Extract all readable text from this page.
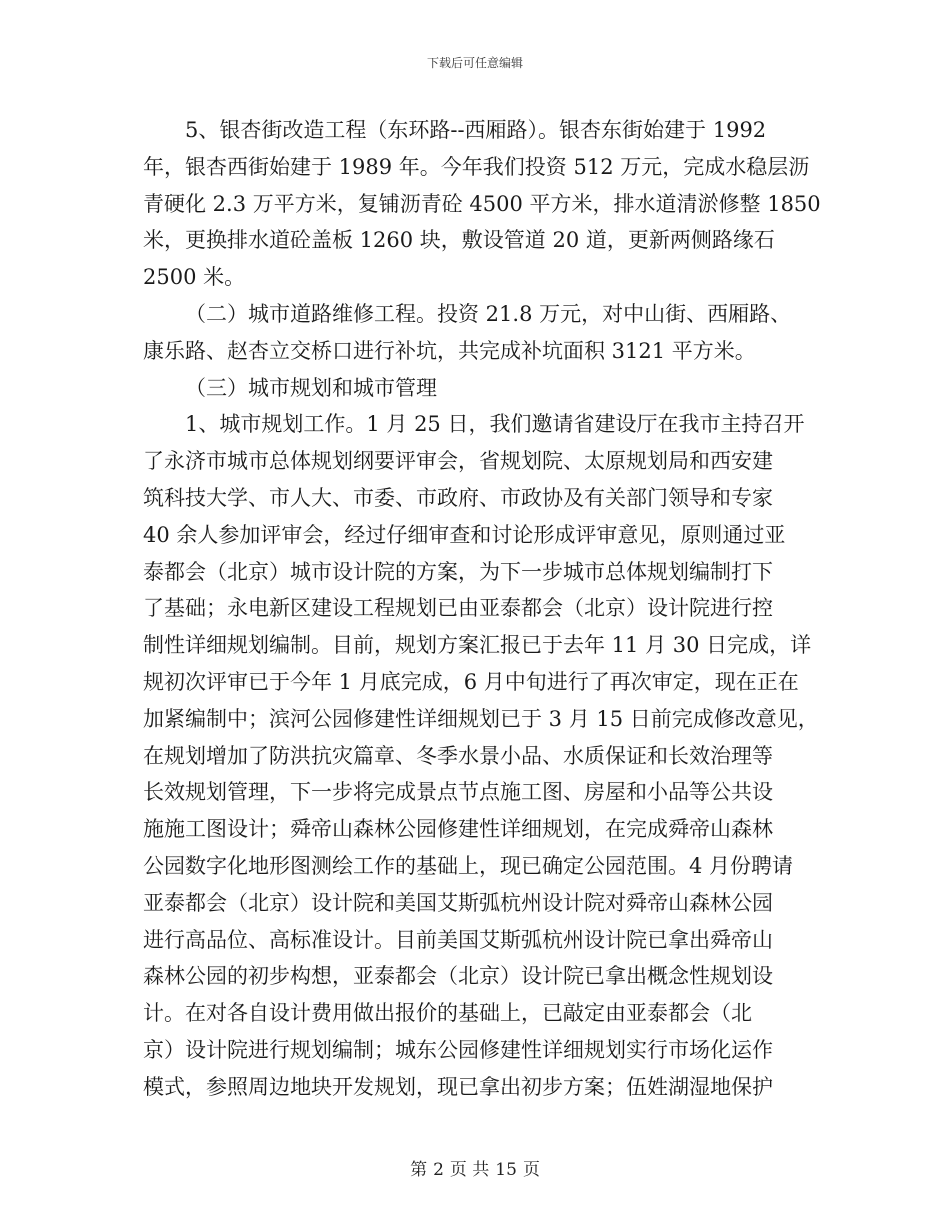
下载后可任意编辑
5、银杏街改造工程（东环路--西厢路）。银杏东街始建于 1992
年，银杏西街始建于 1989 年。今年我们投资 512 万元，完成水稳层沥
青硬化 2.3 万平方米，复铺沥青砼 4500 平方米，排水道清淤修整 1850
米，更换排水道砼盖板 1260 块，敷设管道 20 道，更新两侧路缘石
2500 米。
（二）城市道路维修工程。投资 21.8 万元，对中山街、西厢路、
康乐路、赵杏立交桥口进行补坑，共完成补坑面积 3121 平方米。
（三）城市规划和城市管理
1、城市规划工作。1 月 25 日，我们邀请省建设厅在我市主持召开
了永济市城市总体规划纲要评审会，省规划院、太原规划局和西安建
筑科技大学、市人大、市委、市政府、市政协及有关部门领导和专家
40 余人参加评审会，经过仔细审查和讨论形成评审意见，原则通过亚
泰都会（北京）城市设计院的方案，为下一步城市总体规划编制打下
了基础；永电新区建设工程规划已由亚泰都会（北京）设计院进行控
制性详细规划编制。目前，规划方案汇报已于去年 11 月 30 日完成，详
规初次评审已于今年 1 月底完成，6 月中旬进行了再次审定，现在正在
加紧编制中；滨河公园修建性详细规划已于 3 月 15 日前完成修改意见，
在规划增加了防洪抗灾篇章、冬季水景小品、水质保证和长效治理等
长效规划管理，下一步将完成景点节点施工图、房屋和小品等公共设
施施工图设计；舜帝山森林公园修建性详细规划，在完成舜帝山森林
公园数字化地形图测绘工作的基础上，现已确定公园范围。4 月份聘请
亚泰都会（北京）设计院和美国艾斯弧杭州设计院对舜帝山森林公园
进行高品位、高标准设计。目前美国艾斯弧杭州设计院已拿出舜帝山
森林公园的初步构想，亚泰都会（北京）设计院已拿出概念性规划设
计。在对各自设计费用做出报价的基础上，已敲定由亚泰都会（北
京）设计院进行规划编制；城东公园修建性详细规划实行市场化运作
模式，参照周边地块开发规划，现已拿出初步方案；伍姓湖湿地保护
第 2 页 共 15 页
